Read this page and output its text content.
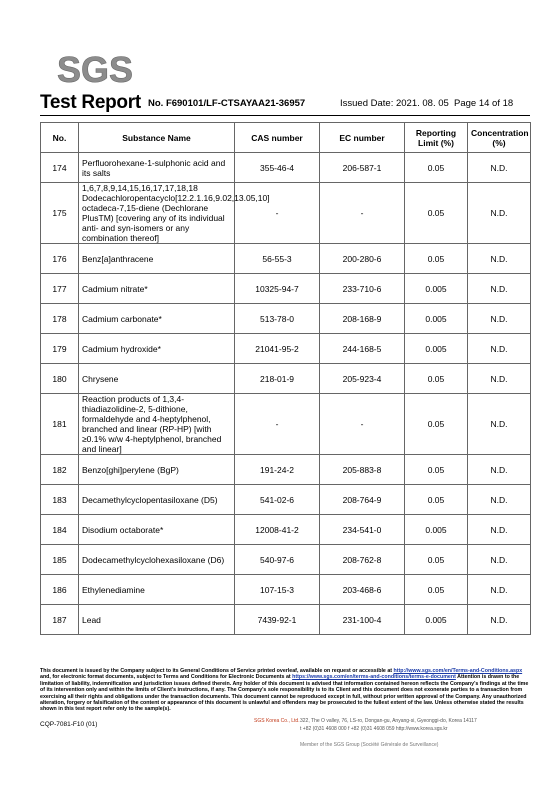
SGS
Test Report No. F690101/LF-CTSAYAA21-36957	Issued Date: 2021. 08. 05 Page 14 of 18
No.	Substance Name	CAS number	EC number	Reporting Limit (%)	Concentration (%)
174	Perfluorohexane-1-sulphonic acid and its salts	355-46-4	206-587-1	0.05	N.D.
175	1,6,7,8,9,14,15,16,17,17,18,18 Dodecachloropentacyclo[12.2.1.16,9.02,13.05,10] octadeca-7,15-diene (Dechlorane PlusTM) [covering any of its individual anti- and syn-isomers or any combination thereof]	-	-	0.05	N.D.
176	Benz[a]anthracene	56-55-3	200-280-6	0.05	N.D.
177	Cadmium nitrate*	10325-94-7	233-710-6	0.005	N.D.
178	Cadmium carbonate*	513-78-0	208-168-9	0.005	N.D.
179	Cadmium hydroxide*	21041-95-2	244-168-5	0.005	N.D.
180	Chrysene	218-01-9	205-923-4	0.05	N.D.
181	Reaction products of 1,3,4-thiadiazolidine-2, 5-dithione, formaldehyde and 4-heptylphenol, branched and linear (RP-HP) [with ≥0.1% w/w 4-heptylphenol, branched and linear]	-	-	0.05	N.D.
182	Benzo[ghi]perylene (BgP)	191-24-2	205-883-8	0.05	N.D.
183	Decamethylcyclopentasiloxane (D5)	541-02-6	208-764-9	0.05	N.D.
184	Disodium octaborate*	12008-41-2	234-541-0	0.005	N.D.
185	Dodecamethylcyclohexasiloxane (D6)	540-97-6	208-762-8	0.05	N.D.
186	Ethylenediamine	107-15-3	203-468-6	0.05	N.D.
187	Lead	7439-92-1	231-100-4	0.005	N.D.
This document is issued by the Company subject to its General Conditions of Service printed overleaf, available on request or accessible at http://www.sgs.com/en/Terms-and-Conditions.aspx and, for electronic format documents, subject to Terms and Conditions for Electronic Documents at https://www.sgs.com/en/terms-and-conditions/terms-e-document Attention is drawn to the limitation of liability, indemnification and jurisdiction issues defined therein. Any holder of this document is advised that information contained hereon reflects the Company's findings at the time of its intervention only and within the limits of Client's instructions, if any. The Company's sole responsibility is to its Client and this document does not exonerate parties to a transaction from exercising all their rights and obligations under the transaction documents. This document cannot be reproduced except in full, without prior written approval of the Company. Any unauthorized alteration, forgery or falsification of the content or appearance of this document is unlawful and offenders may be prosecuted to the fullest extent of the law. Unless otherwise stated the results shown in this test report refer only to the sample(s).
CQP-7081-F10 (01)	SGS Korea Co., Ltd. 322, The O valley, 76, LS-ro, Dongan-gu, Anyang-si, Gyeonggi-do, Korea 14117
t +82 (0)31 4608 000 f +82 (0)31 4608 059 http://www.korea.sgs.kr
Member of the SGS Group (Société Générale de Surveillance)
